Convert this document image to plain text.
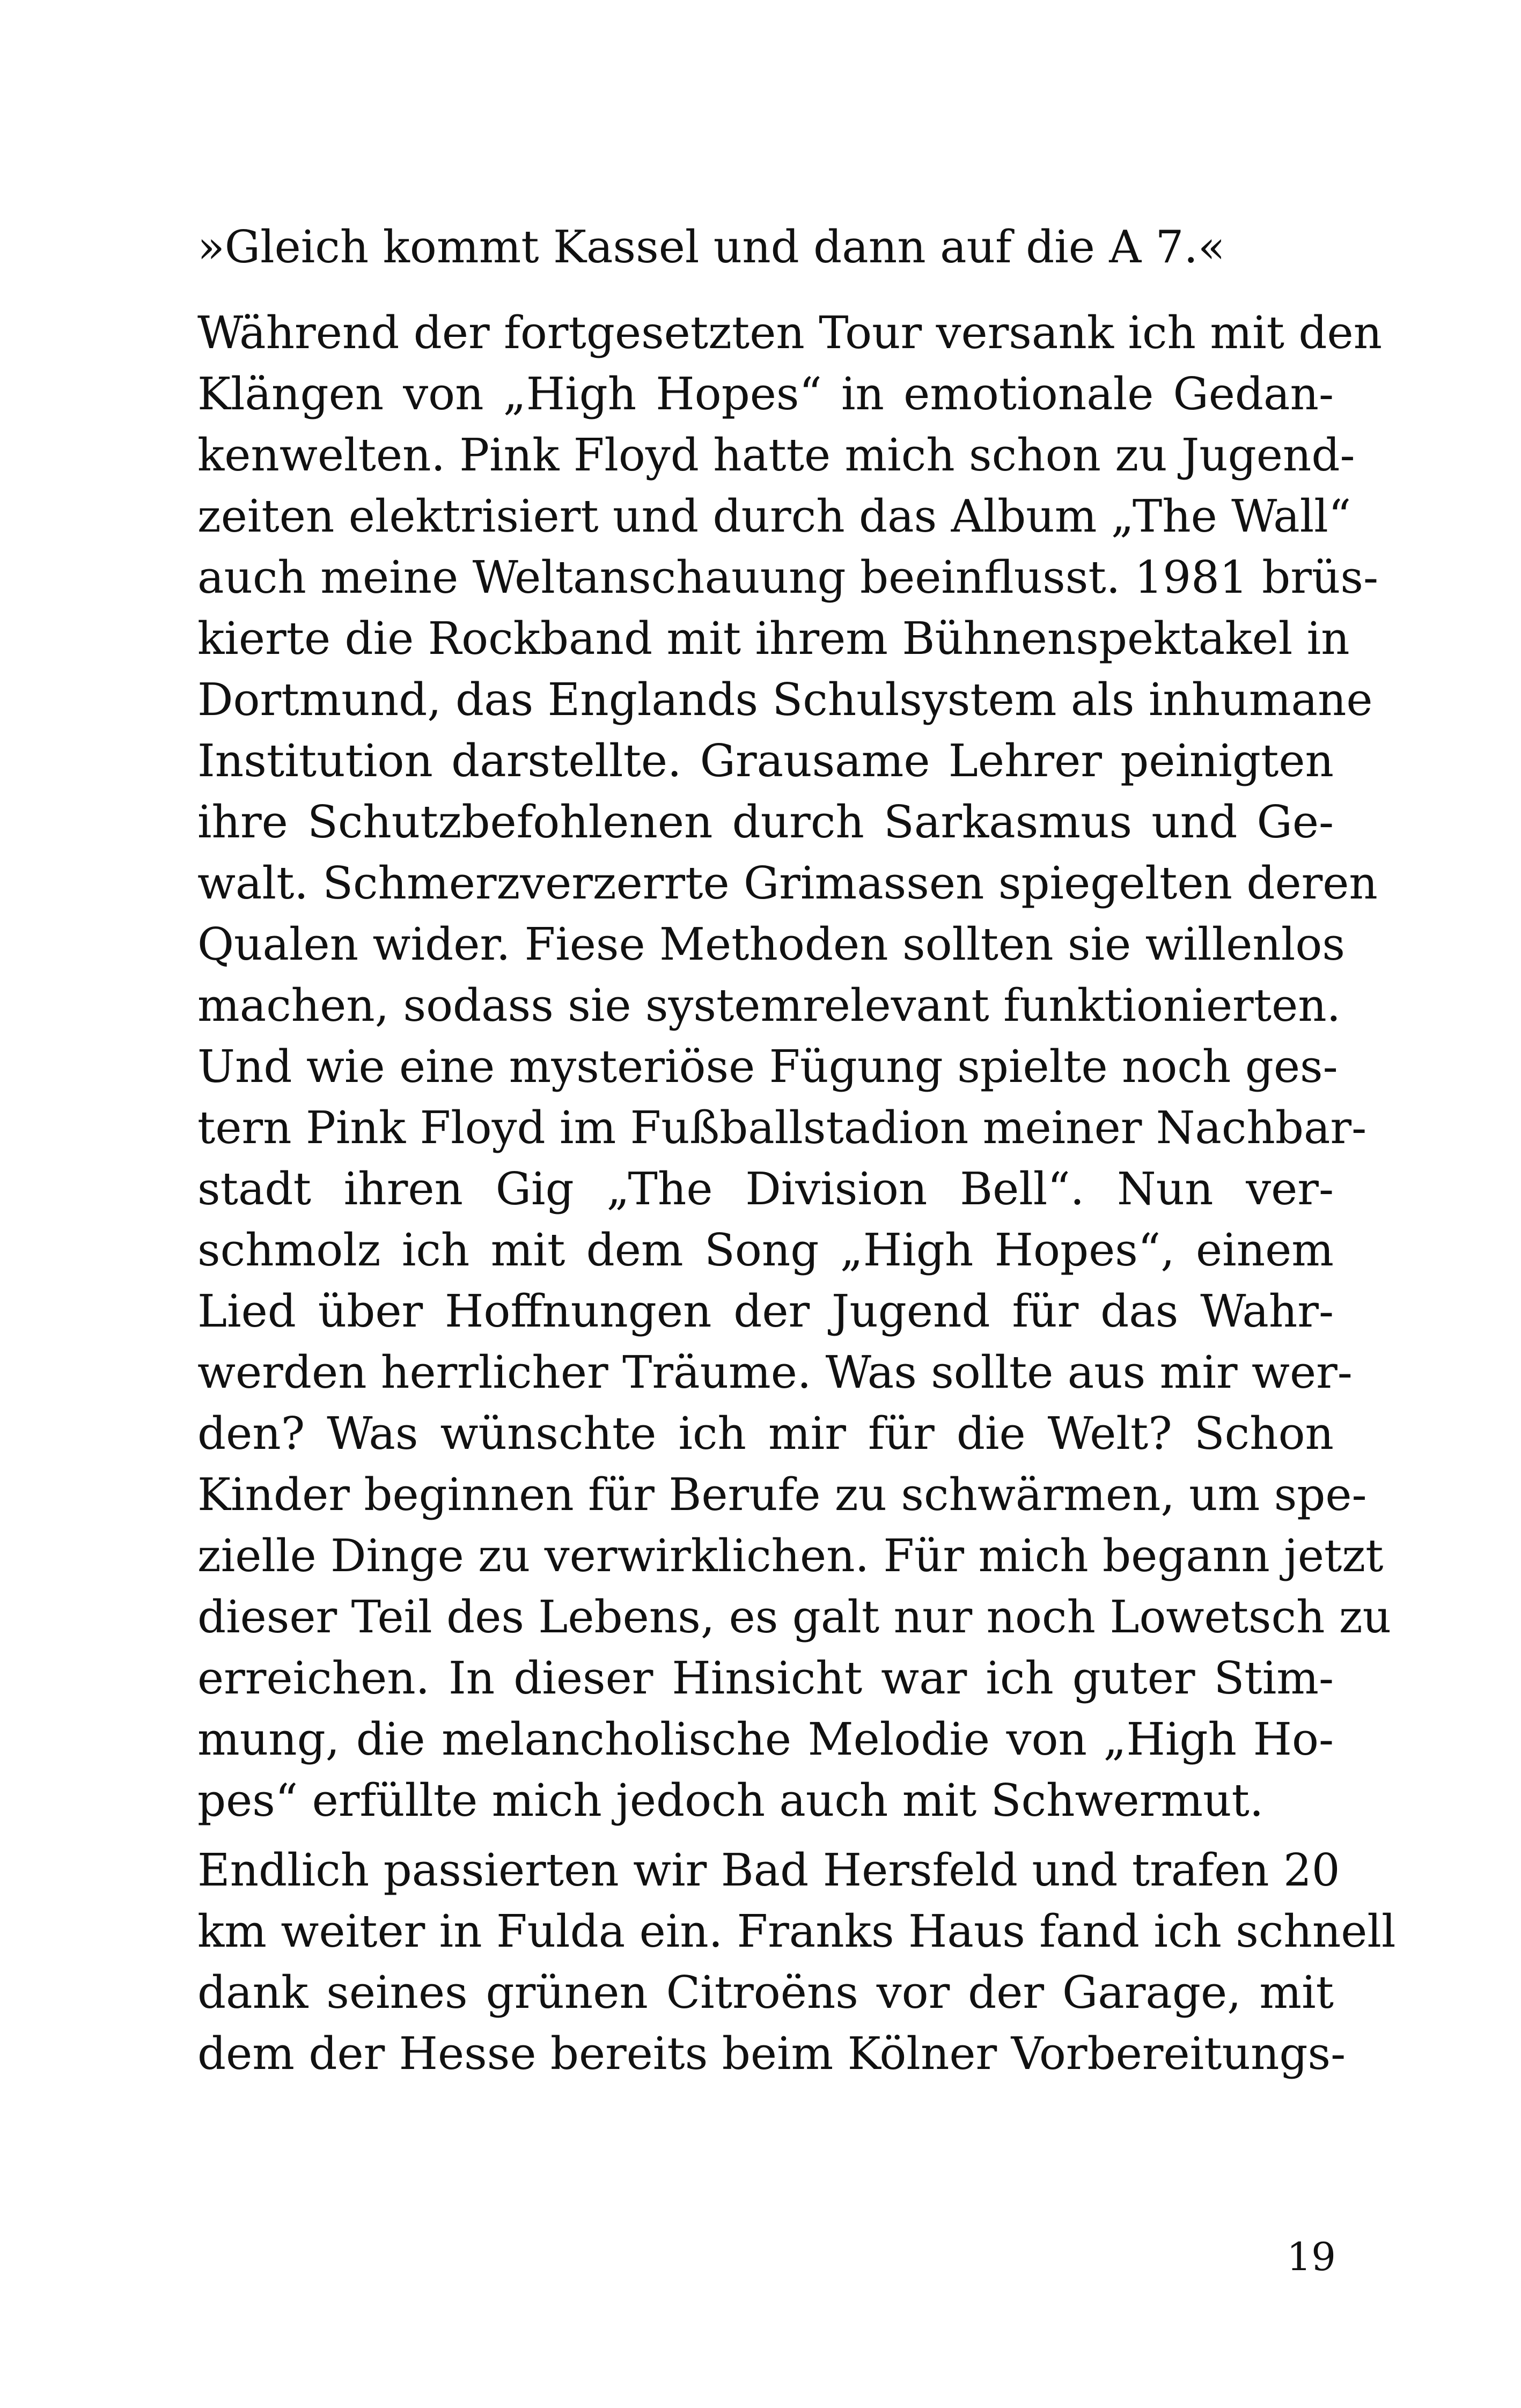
»Gleich kommt Kassel und dann auf die A 7.«
Während der fortgesetzten Tour versank ich mit den
Klängen von „High Hopes“ in emotionale Gedan-
kenwelten. Pink Floyd hatte mich schon zu Jugend-
zeiten elektrisiert und durch das Album „The Wall“
auch meine Weltanschauung beeinflusst. 1981 brüs-
kierte die Rockband mit ihrem Bühnenspektakel in
Dortmund, das Englands Schulsystem als inhumane
Institution darstellte. Grausame Lehrer peinigten
ihre Schutzbefohlenen durch Sarkasmus und Ge-
walt. Schmerzverzerrte Grimassen spiegelten deren
Qualen wider. Fiese Methoden sollten sie willenlos
machen, sodass sie systemrelevant funktionierten.
Und wie eine mysteriöse Fügung spielte noch ges-
tern Pink Floyd im Fußballstadion meiner Nachbar-
stadt ihren Gig „The Division Bell“. Nun ver-
schmolz ich mit dem Song „High Hopes“, einem
Lied über Hoffnungen der Jugend für das Wahr-
werden herrlicher Träume. Was sollte aus mir wer-
den? Was wünschte ich mir für die Welt? Schon
Kinder beginnen für Berufe zu schwärmen, um spe-
zielle Dinge zu verwirklichen. Für mich begann jetzt
dieser Teil des Lebens, es galt nur noch Lowetsch zu
erreichen. In dieser Hinsicht war ich guter Stim-
mung, die melancholische Melodie von „High Ho-
pes“ erfüllte mich jedoch auch mit Schwermut.
Endlich passierten wir Bad Hersfeld und trafen 20
km weiter in Fulda ein. Franks Haus fand ich schnell
dank seines grünen Citroëns vor der Garage, mit
dem der Hesse bereits beim Kölner Vorbereitungs-
19
